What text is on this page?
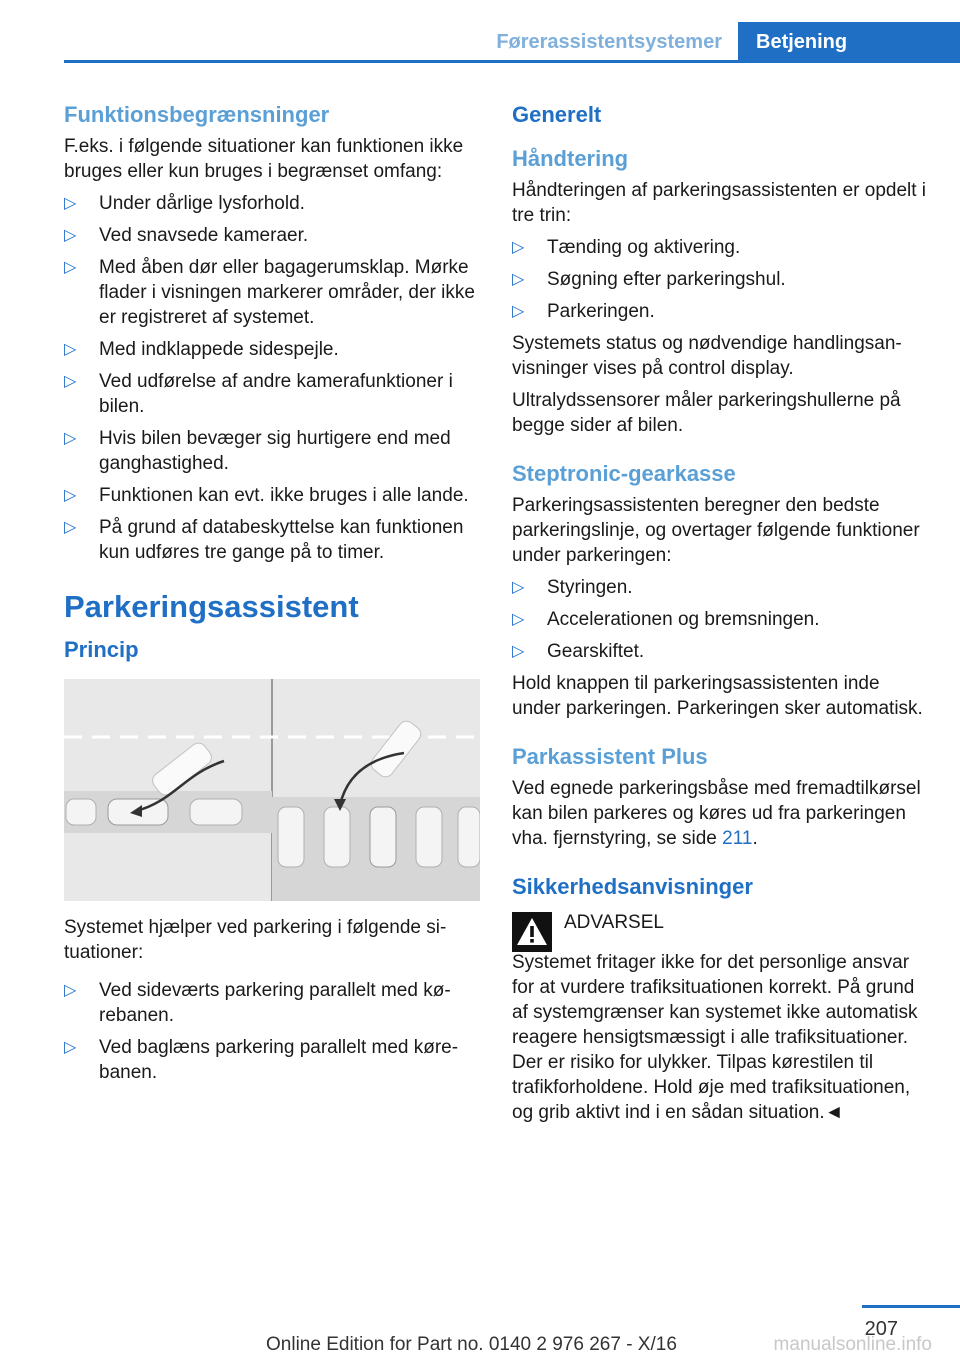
Førerassistentsystemer	Betjening
Funktionsbegrænsninger

F.eks. i følgende situationer kan funktionen ikke bruges eller kun bruges i begrænset omfang:

▷ Under dårlige lysforhold.
▷ Ved snavsede kameraer.
▷ Med åben dør eller bagagerumsklap. Mørke flader i visningen markerer områder, der ikke er registreret af systemet.
▷ Med indklappede sidespejle.
▷ Ved udførelse af andre kamerafunktioner i bilen.
▷ Hvis bilen bevæger sig hurtigere end med ganghastighed.
▷ Funktionen kan evt. ikke bruges i alle lande.
▷ På grund af databeskyttelse kan funktionen kun udføres tre gange på to timer.
Parkeringsassistent
Princip

Systemet hjælper ved parkering i følgende situationer:

▷ Ved sideværts parkering parallelt med kørebanen.
▷ Ved baglæns parkering parallelt med kørebanen.
Generelt
Håndtering

Håndteringen af parkeringsassistenten er opdelt i tre trin:

▷ Tænding og aktivering.
▷ Søgning efter parkeringshul.
▷ Parkeringen.

Systemets status og nødvendige handlingsanvisninger vises på control display.

Ultralydssensorer måler parkeringshullerne på begge sider af bilen.

Steptronic-gearkasse

Parkeringsassistenten beregner den bedste parkeringslinje, og overtager følgende funktioner under parkeringen:

▷ Styringen.
▷ Accelerationen og bremsningen.
▷ Gearskiftet.

Hold knappen til parkeringsassistenten inde under parkeringen. Parkeringen sker automatisk.

Parkassistent Plus

Ved egnede parkeringsbåse med fremadtilkørsel kan bilen parkeres og køres ud fra parkeringen vha. fjernstyring, se side 211.

Sikkerhedsanvisninger

ADVARSEL

Systemet fritager ikke for det personlige ansvar for at vurdere trafiksituationen korrekt. På grund af systemgrænser kan systemet ikke automatisk reagere hensigtsmæssigt i alle trafiksituationer. Der er risiko for ulykker. Tilpas kørestilen til trafikforholdene. Hold øje med trafiksituationen, og grib aktivt ind i en sådan situation.◄

207
Online Edition for Part no. 0140 2 976 267 - X/16	manualsonline.info
